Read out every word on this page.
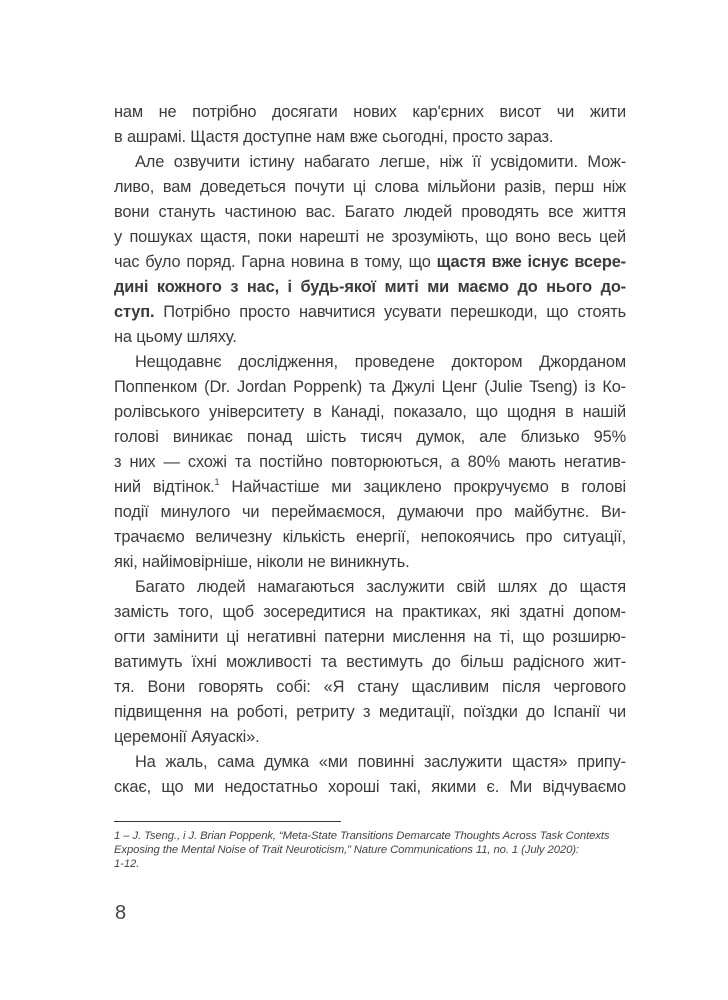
нам не потрібно досягати нових кар'єрних висот чи жити
в ашрамі. Щастя доступне нам вже сьогодні, просто зараз.
Але озвучити істину набагато легше, ніж її усвідомити. Мож-
ливо, вам доведеться почути ці слова мільйони разів, перш ніж
вони стануть частиною вас. Багато людей проводять все життя
у пошуках щастя, поки нарешті не зрозуміють, що воно весь цей
час було поряд. Гарна новина в тому, що щастя вже існує всере-
дині кожного з нас, і будь-якої миті ми маємо до нього до-
ступ. Потрібно просто навчитися усувати перешкоди, що стоять
на цьому шляху.
Нещодавнє дослідження, проведене доктором Джорданом
Поппенком (Dr. Jordan Poppenk) та Джулі Ценг (Julie Tseng) із Ко-
ролівського університету в Канаді, показало, що щодня в нашій
голові виникає понад шість тисяч думок, але близько 95%
з них — схожі та постійно повторюються, а 80% мають негатив-
ний відтінок.$^1$ Найчастіше ми зациклено прокручуємо в голові
події минулого чи переймаємося, думаючи про майбутнє. Ви-
трачаємо величезну кількість енергії, непокоячись про ситуації,
які, найімовірніше, ніколи не виникнуть.
Багато людей намагаються заслужити свій шлях до щастя
замість того, щоб зосередитися на практиках, які здатні допом-
огти замінити ці негативні патерни мислення на ті, що розширю-
ватимуть їхні можливості та вестимуть до більш радісного жит-
тя. Вони говорять собі: «Я стану щасливим після чергового
підвищення на роботі, ретриту з медитації, поїздки до Іспанії чи
церемонії Аяуаскі».
На жаль, сама думка «ми повинні заслужити щастя» припу-
скає, що ми недостатньо хороші такі, якими є. Ми відчуваємо
1 – J. Tseng., i J. Brian Poppenk, “Meta-State Transitions Demarcate Thoughts Across Task Contexts
Exposing the Mental Noise of Trait Neuroticism,” Nature Communications 11, no. 1 (July 2020):
1-12.
8
